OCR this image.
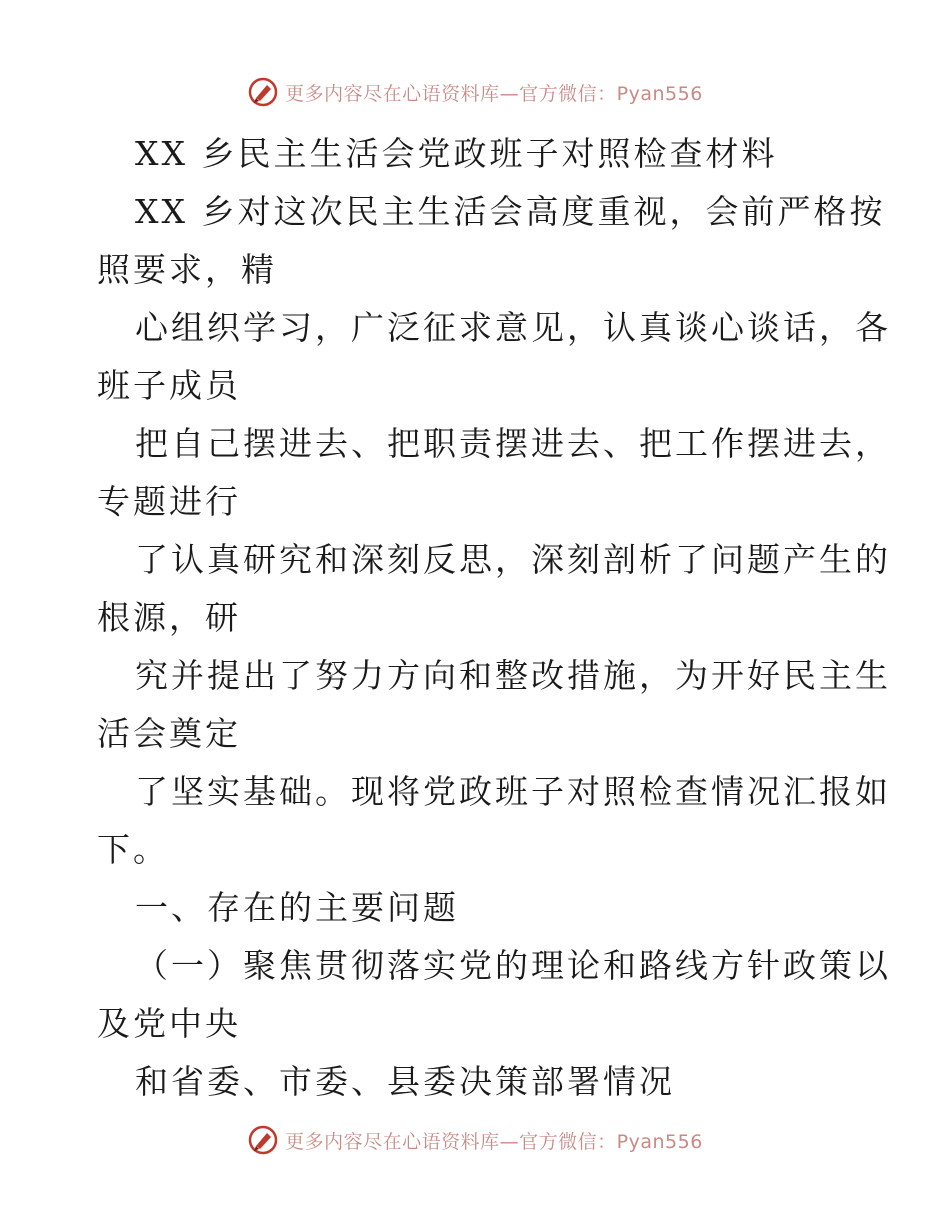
更多内容尽在心语资料库—官方微信：Pyan556
XX 乡民主生活会党政班子对照检查材料
XX 乡对这次民主生活会高度重视，会前严格按
照要求，精
心组织学习，广泛征求意见，认真谈心谈话，各
班子成员
把自己摆进去、把职责摆进去、把工作摆进去，
专题进行
了认真研究和深刻反思，深刻剖析了问题产生的
根源，研
究并提出了努力方向和整改措施，为开好民主生
活会奠定
了坚实基础。现将党政班子对照检查情况汇报如
下。
一、存在的主要问题
（一）聚焦贯彻落实党的理论和路线方针政策以
及党中央
和省委、市委、县委决策部署情况
更多内容尽在心语资料库—官方微信：Pyan556
